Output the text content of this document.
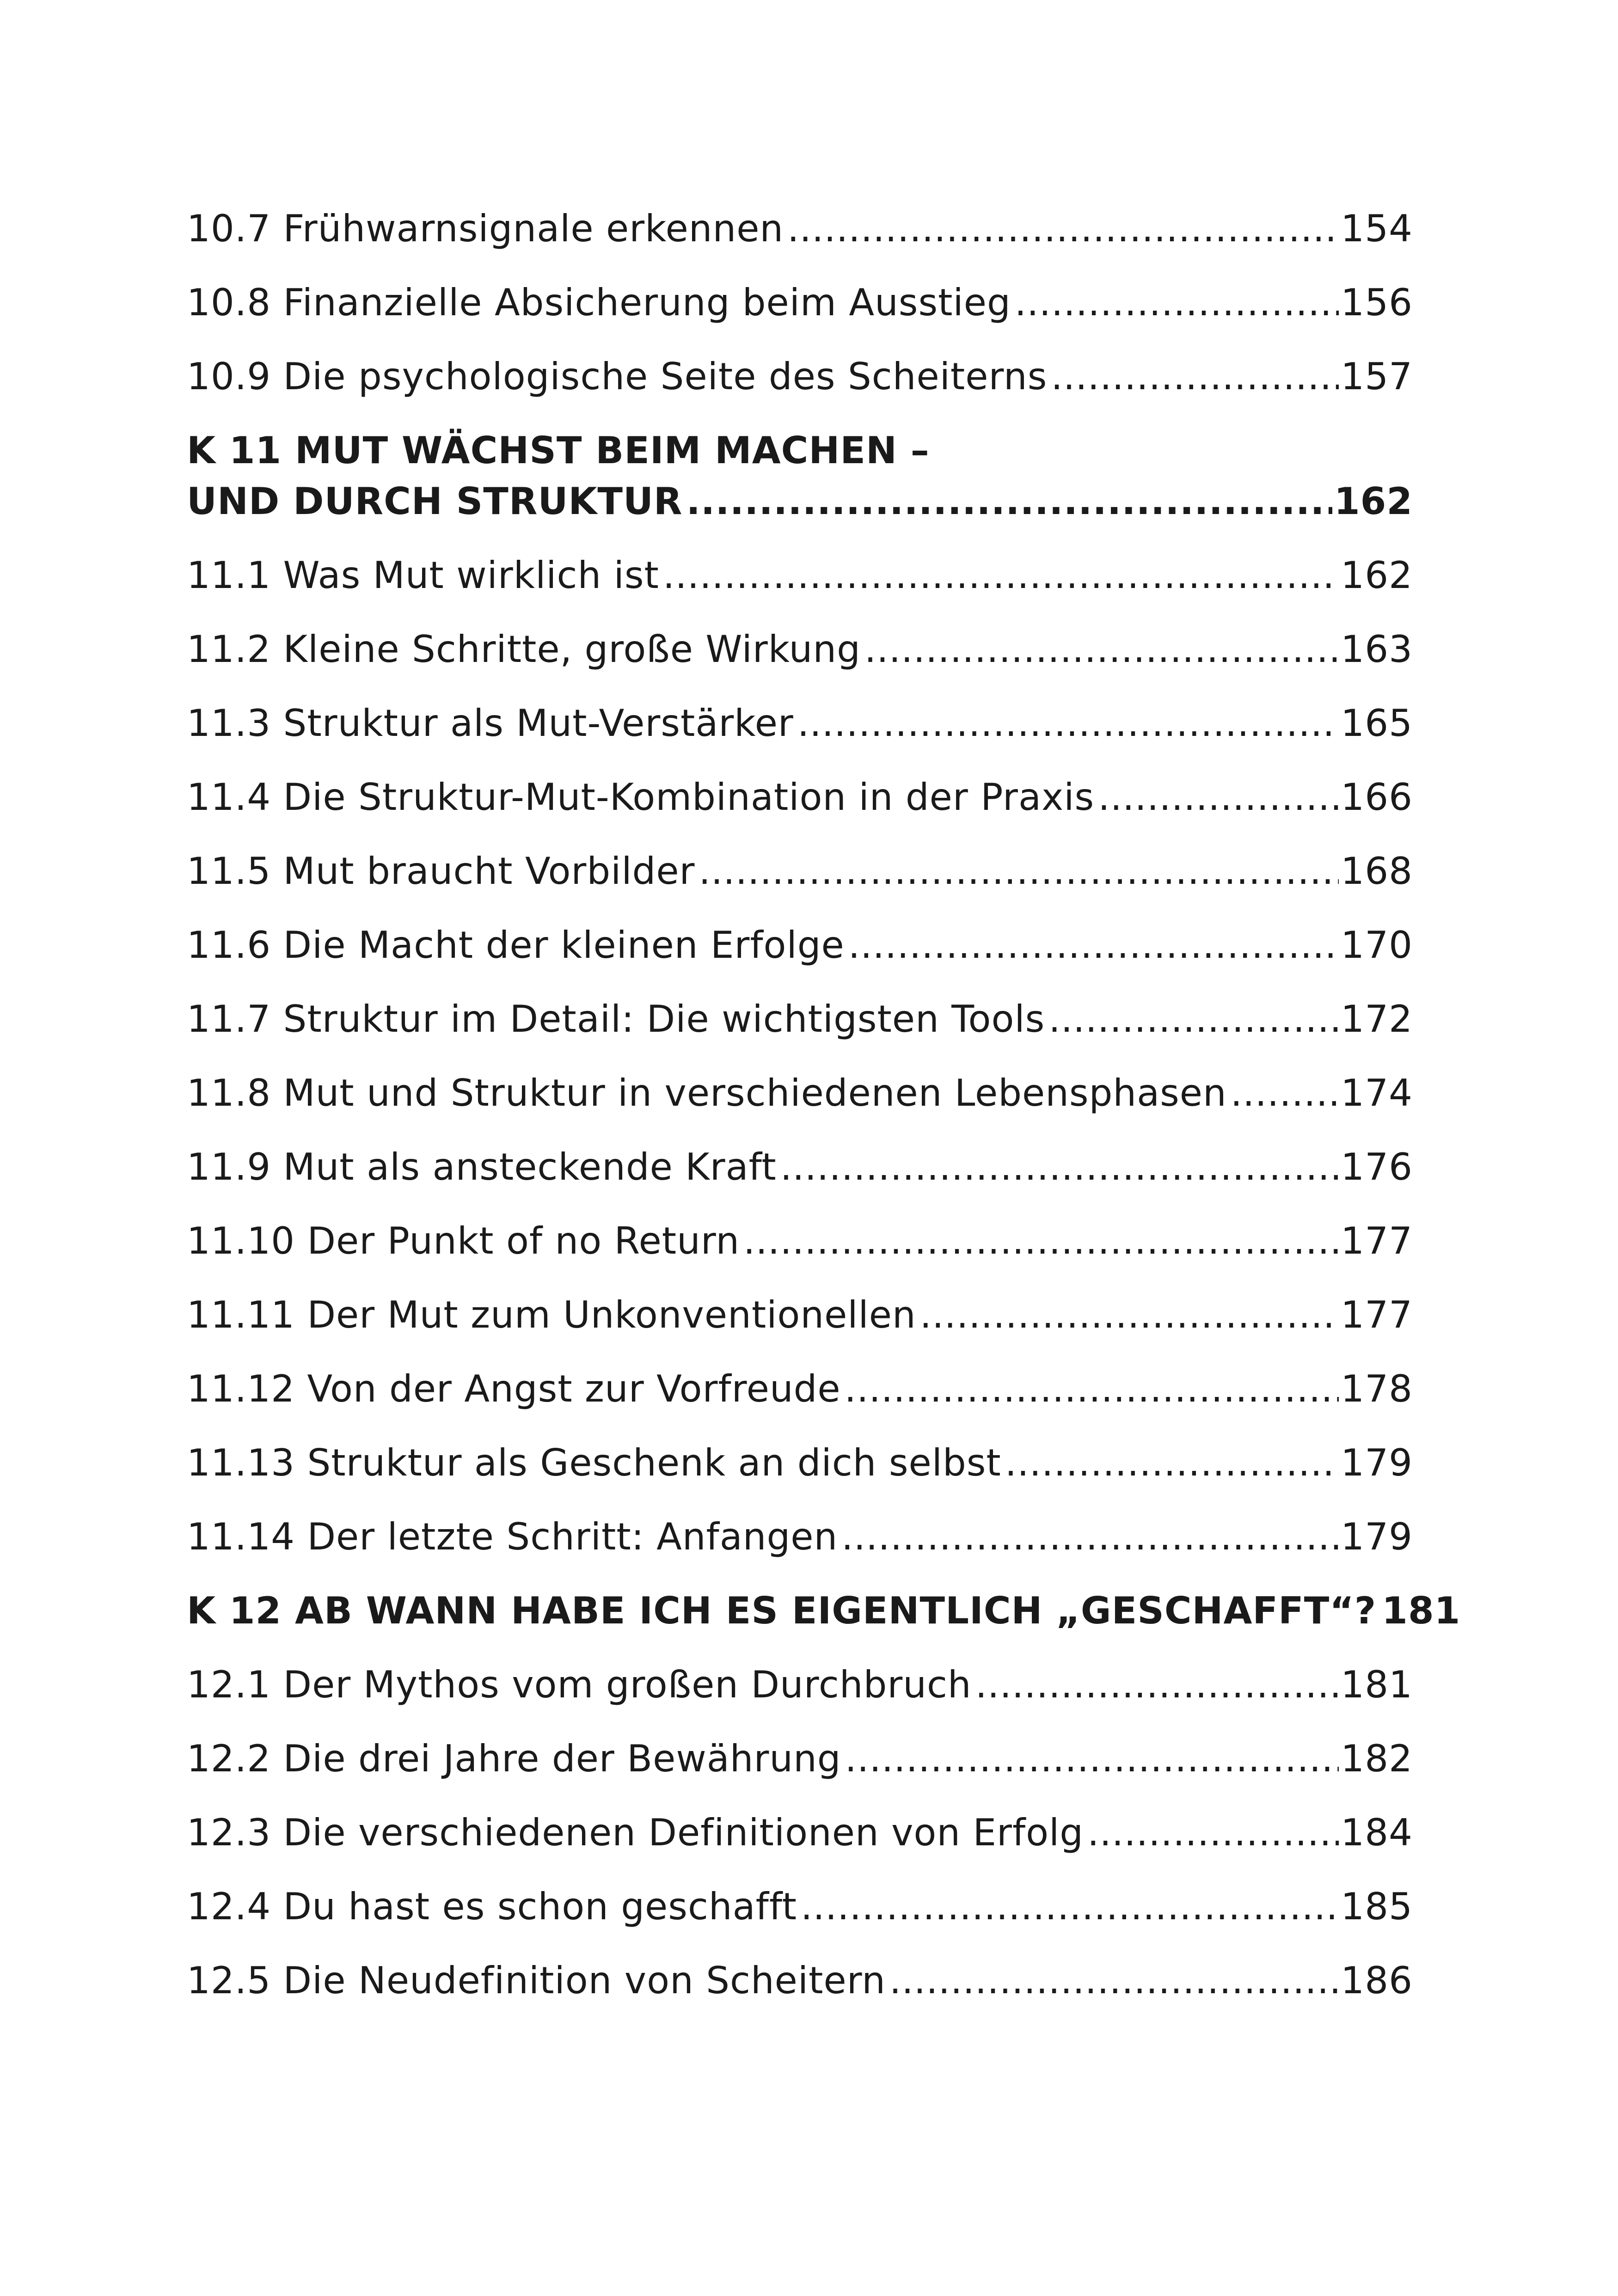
10.7 Frühwarnsignale erkennen .....	154
10.8 Finanzielle Absicherung beim Ausstieg .....	156
10.9 Die psychologische Seite des Scheiterns .....	157
K 11 MUT WÄCHST BEIM MACHEN –
UND DURCH STRUKTUR .....	162
11.1 Was Mut wirklich ist .....	162
11.2 Kleine Schritte, große Wirkung .....	163
11.3 Struktur als Mut-Verstärker .....	165
11.4 Die Struktur-Mut-Kombination in der Praxis .....	166
11.5 Mut braucht Vorbilder .....	168
11.6 Die Macht der kleinen Erfolge .....	170
11.7 Struktur im Detail: Die wichtigsten Tools .....	172
11.8 Mut und Struktur in verschiedenen Lebensphasen .....	174
11.9 Mut als ansteckende Kraft .....	176
11.10 Der Punkt of no Return .....	177
11.11 Der Mut zum Unkonventionellen .....	177
11.12 Von der Angst zur Vorfreude .....	178
11.13 Struktur als Geschenk an dich selbst .....	179
11.14 Der letzte Schritt: Anfangen .....	179
K 12 AB WANN HABE ICH ES EIGENTLICH „GESCHAFFT“? 181
12.1 Der Mythos vom großen Durchbruch .....	181
12.2 Die drei Jahre der Bewährung .....	182
12.3 Die verschiedenen Definitionen von Erfolg .....	184
12.4 Du hast es schon geschafft .....	185
12.5 Die Neudefinition von Scheitern .....	186
